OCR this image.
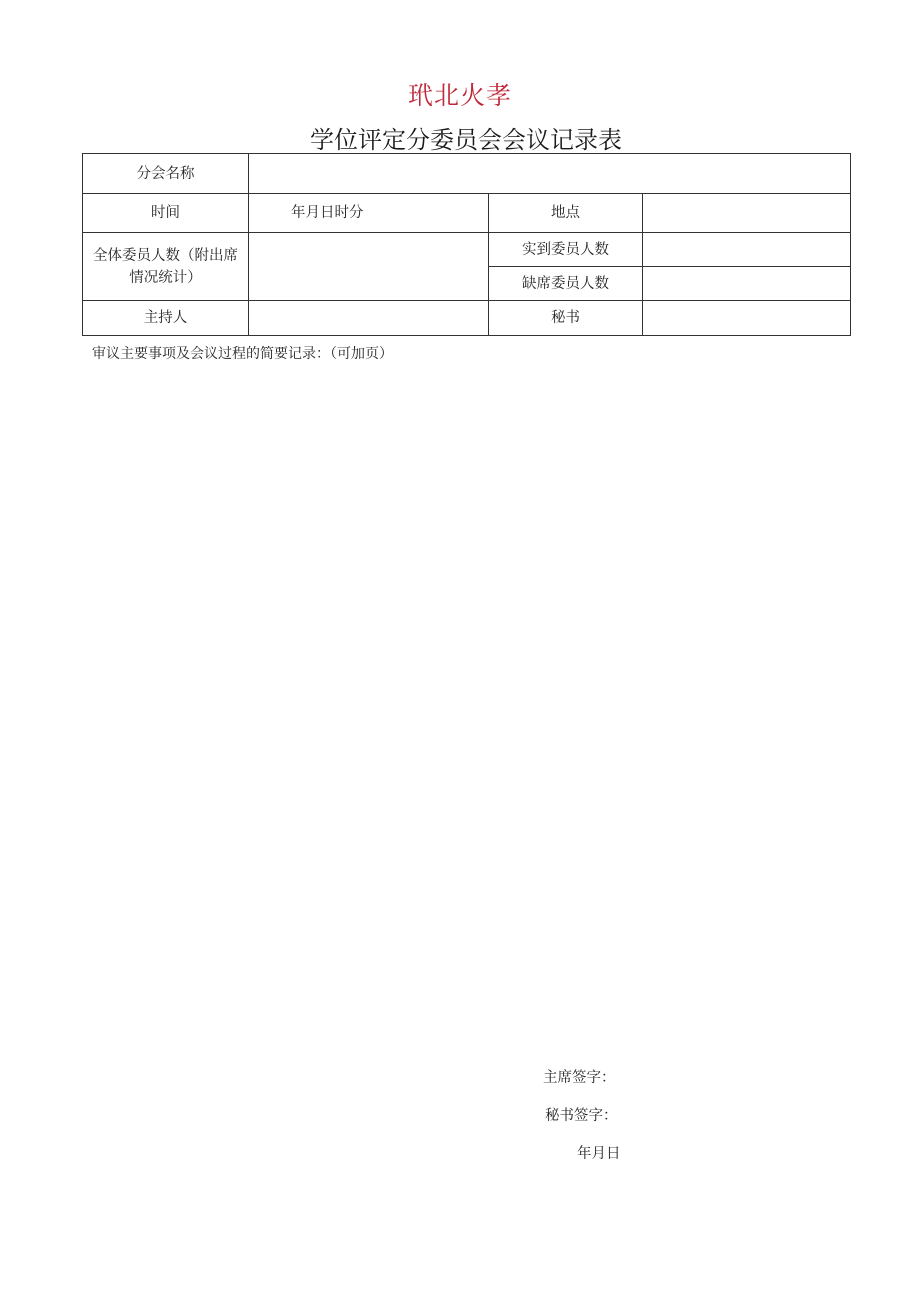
玳北火孝
学位评定分委员会会议记录表
分会名称			
时间	年月日时分	地点	
全体委员人数（附出席情况统计）		实到委员人数	
		缺席委员人数	
主持人		秘书	
审议主要事项及会议过程的简要记录：（可加页）
主席签字：
秘书签字：
年月日
